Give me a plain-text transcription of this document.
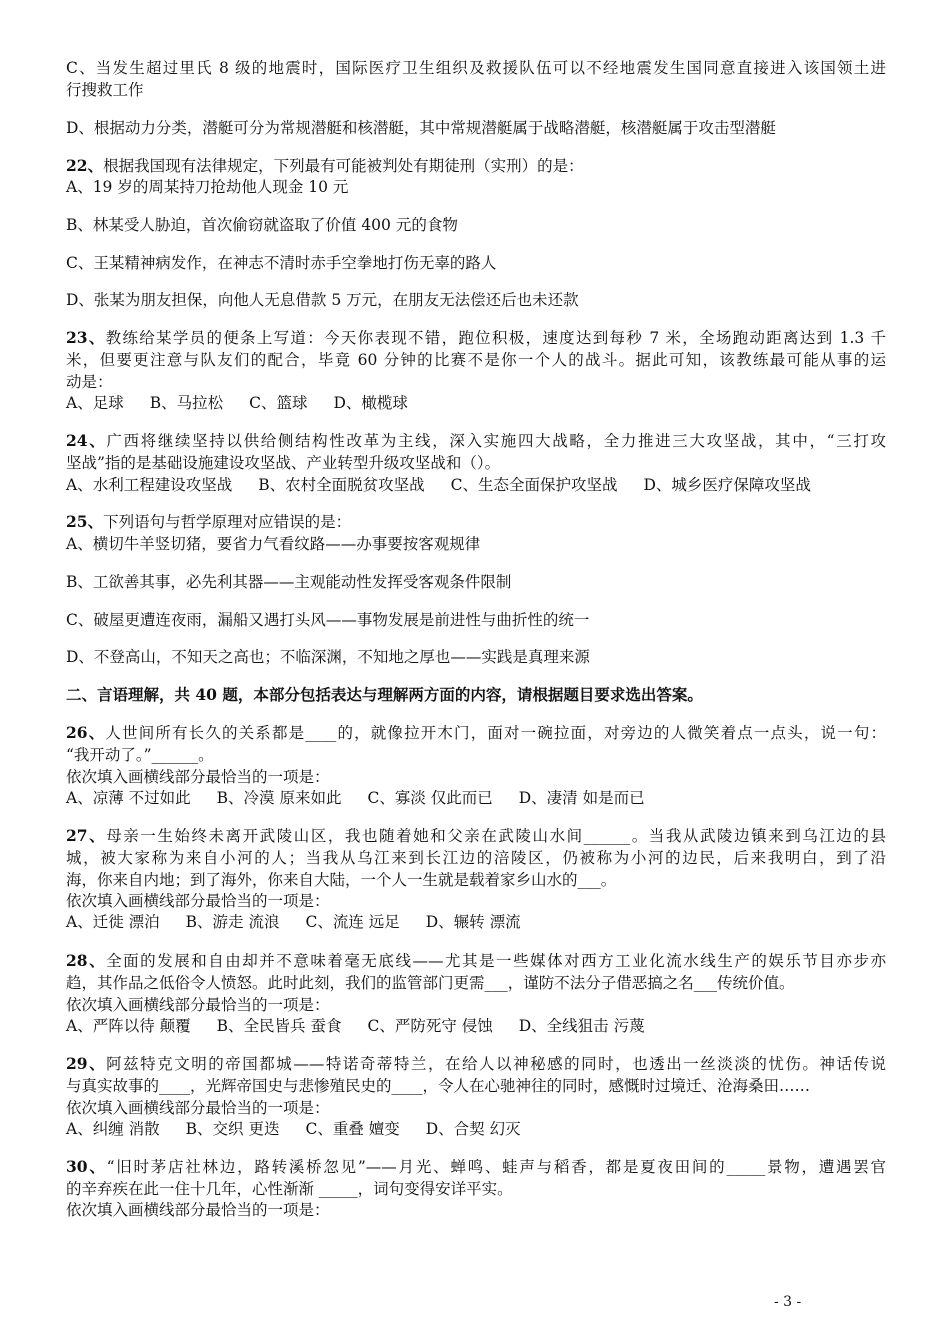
C、当发生超过里氏 8 级的地震时，国际医疗卫生组织及救援队伍可以不经地震发生国同意直接进入该国领土进
行搜救工作
D、根据动力分类，潜艇可分为常规潜艇和核潜艇，其中常规潜艇属于战略潜艇，核潜艇属于攻击型潜艇
22、根据我国现有法律规定，下列最有可能被判处有期徒刑（实刑）的是：
A、19 岁的周某持刀抢劫他人现金 10 元
B、林某受人胁迫，首次偷窃就盗取了价值 400 元的食物
C、王某精神病发作，在神志不清时赤手空拳地打伤无辜的路人
D、张某为朋友担保，向他人无息借款 5 万元，在朋友无法偿还后也未还款
23、教练给某学员的便条上写道：今天你表现不错，跑位积极，速度达到每秒 7 米，全场跑动距离达到 1.3 千
米，但要更注意与队友们的配合，毕竟 60 分钟的比赛不是你一个人的战斗。据此可知，该教练最可能从事的运
动是：
A、足球 B、马拉松 C、篮球 D、橄榄球
24、广西将继续坚持以供给侧结构性改革为主线，深入实施四大战略，全力推进三大攻坚战，其中，“三打攻
坚战”指的是基础设施建设攻坚战、产业转型升级攻坚战和（）。
A、水利工程建设攻坚战 B、农村全面脱贫攻坚战 C、生态全面保护攻坚战 D、城乡医疗保障攻坚战
25、下列语句与哲学原理对应错误的是：
A、横切牛羊竖切猪，要省力气看纹路——办事要按客观规律
B、工欲善其事，必先利其器——主观能动性发挥受客观条件限制
C、破屋更遭连夜雨，漏船又遇打头风——事物发展是前进性与曲折性的统一
D、不登高山，不知天之高也；不临深渊，不知地之厚也——实践是真理来源
二、言语理解，共 40 题，本部分包括表达与理解两方面的内容，请根据题目要求选出答案。
26、人世间所有长久的关系都是____的，就像拉开木门，面对一碗拉面，对旁边的人微笑着点一点头，说一句：
“我开动了。”______。
依次填入画横线部分最恰当的一项是：
A、凉薄 不过如此 B、冷漠 原来如此 C、寡淡 仅此而已 D、凄清 如是而已
27、母亲一生始终未离开武陵山区，我也随着她和父亲在武陵山水间______。当我从武陵边镇来到乌江边的县
城，被大家称为来自小河的人；当我从乌江来到长江边的涪陵区，仍被称为小河的边民，后来我明白，到了沿
海，你来自内地；到了海外，你来自大陆，一个人一生就是载着家乡山水的___。
依次填入画横线部分最恰当的一项是：
A、迁徙 漂泊 B、游走 流浪 C、流连 远足 D、辗转 漂流
28、全面的发展和自由却并不意味着毫无底线——尤其是一些媒体对西方工业化流水线生产的娱乐节目亦步亦
趋，其作品之低俗令人愤怒。此时此刻，我们的监管部门更需___，谨防不法分子借恶搞之名___传统价值。
依次填入画横线部分最恰当的一项是：
A、严阵以待 颠覆 B、全民皆兵 蚕食 C、严防死守 侵蚀 D、全线狙击 污蔑
29、阿兹特克文明的帝国都城——特诺奇蒂特兰，在给人以神秘感的同时，也透出一丝淡淡的忧伤。神话传说
与真实故事的____，光辉帝国史与悲惨殖民史的____，令人在心驰神往的同时，感慨时过境迁、沧海桑田……
依次填入画横线部分最恰当的一项是：
A、纠缠 消散 B、交织 更迭 C、重叠 嬗变 D、合契 幻灭
30、“旧时茅店社林边，路转溪桥忽见”——月光、蝉鸣、蛙声与稻香，都是夏夜田间的_____景物，遭遇罢官
的辛弃疾在此一住十几年，心性渐渐 _____，词句变得安详平实。
依次填入画横线部分最恰当的一项是：
- 3 -
